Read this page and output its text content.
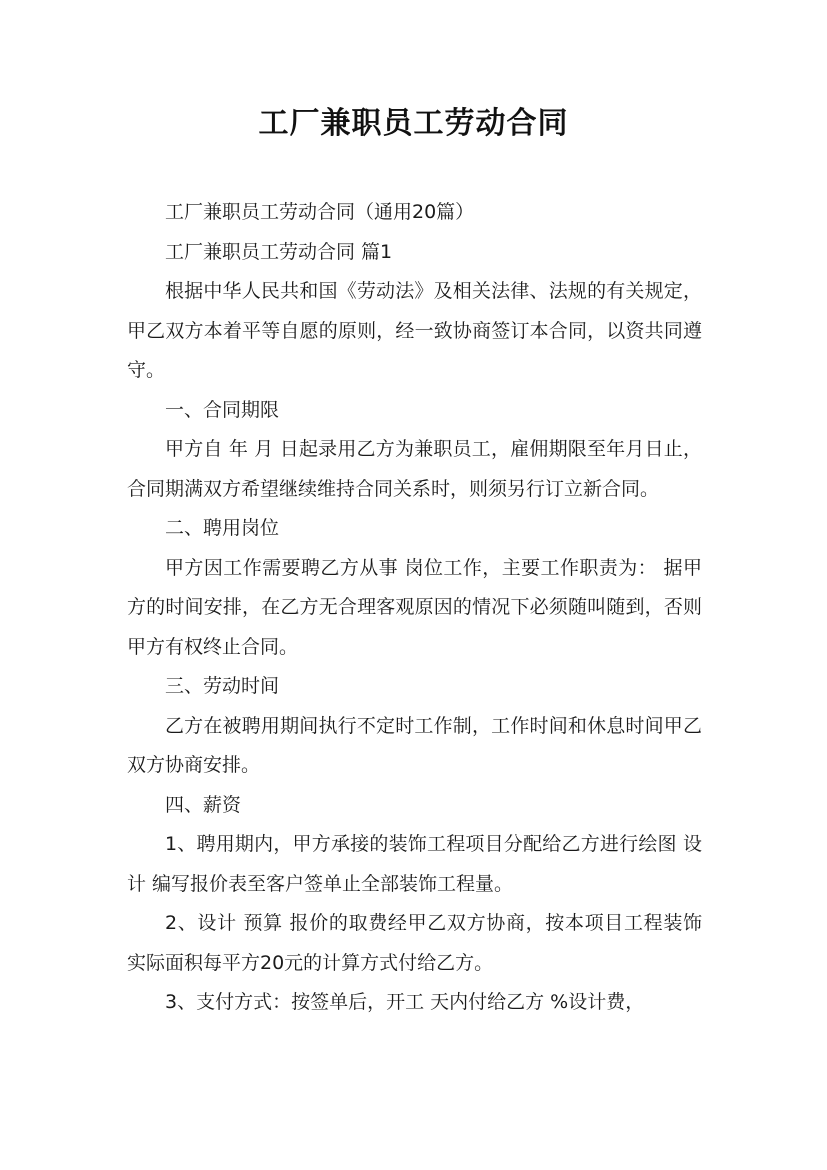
工厂兼职员工劳动合同

工厂兼职员工劳动合同（通用20篇）

工厂兼职员工劳动合同 篇1

根据中华人民共和国《劳动法》及相关法律、法规的有关规定，甲乙双方本着平等自愿的原则，经一致协商签订本合同，以资共同遵守。

一、合同期限

甲方自 年 月 日起录用乙方为兼职员工，雇佣期限至年月日止，合同期满双方希望继续维持合同关系时，则须另行订立新合同。

二、聘用岗位

甲方因工作需要聘乙方从事 岗位工作，主要工作职责为： 据甲方的时间安排，在乙方无合理客观原因的情况下必须随叫随到，否则甲方有权终止合同。

三、劳动时间

乙方在被聘用期间执行不定时工作制，工作时间和休息时间甲乙双方协商安排。

四、薪资

1、聘用期内，甲方承接的装饰工程项目分配给乙方进行绘图 设计 编写报价表至客户签单止全部装饰工程量。

2、设计 预算 报价的取费经甲乙双方协商，按本项目工程装饰实际面积每平方20元的计算方式付给乙方。

3、支付方式：按签单后，开工 天内付给乙方 %设计费，
